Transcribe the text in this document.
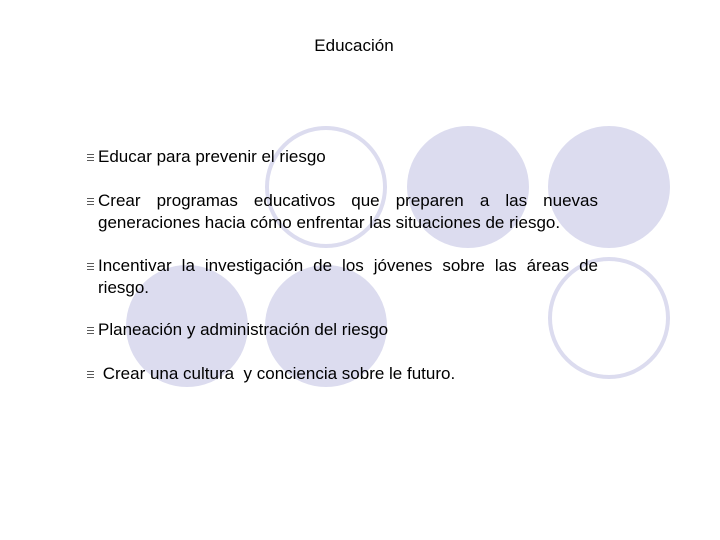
Educación
Educar para prevenir el riesgo
Crear programas educativos que preparen a las nuevas generaciones hacia cómo enfrentar las situaciones de riesgo.
Incentivar la investigación de los jóvenes sobre las áreas de riesgo.
Planeación y administración del riesgo
Crear una cultura  y conciencia sobre le futuro.
